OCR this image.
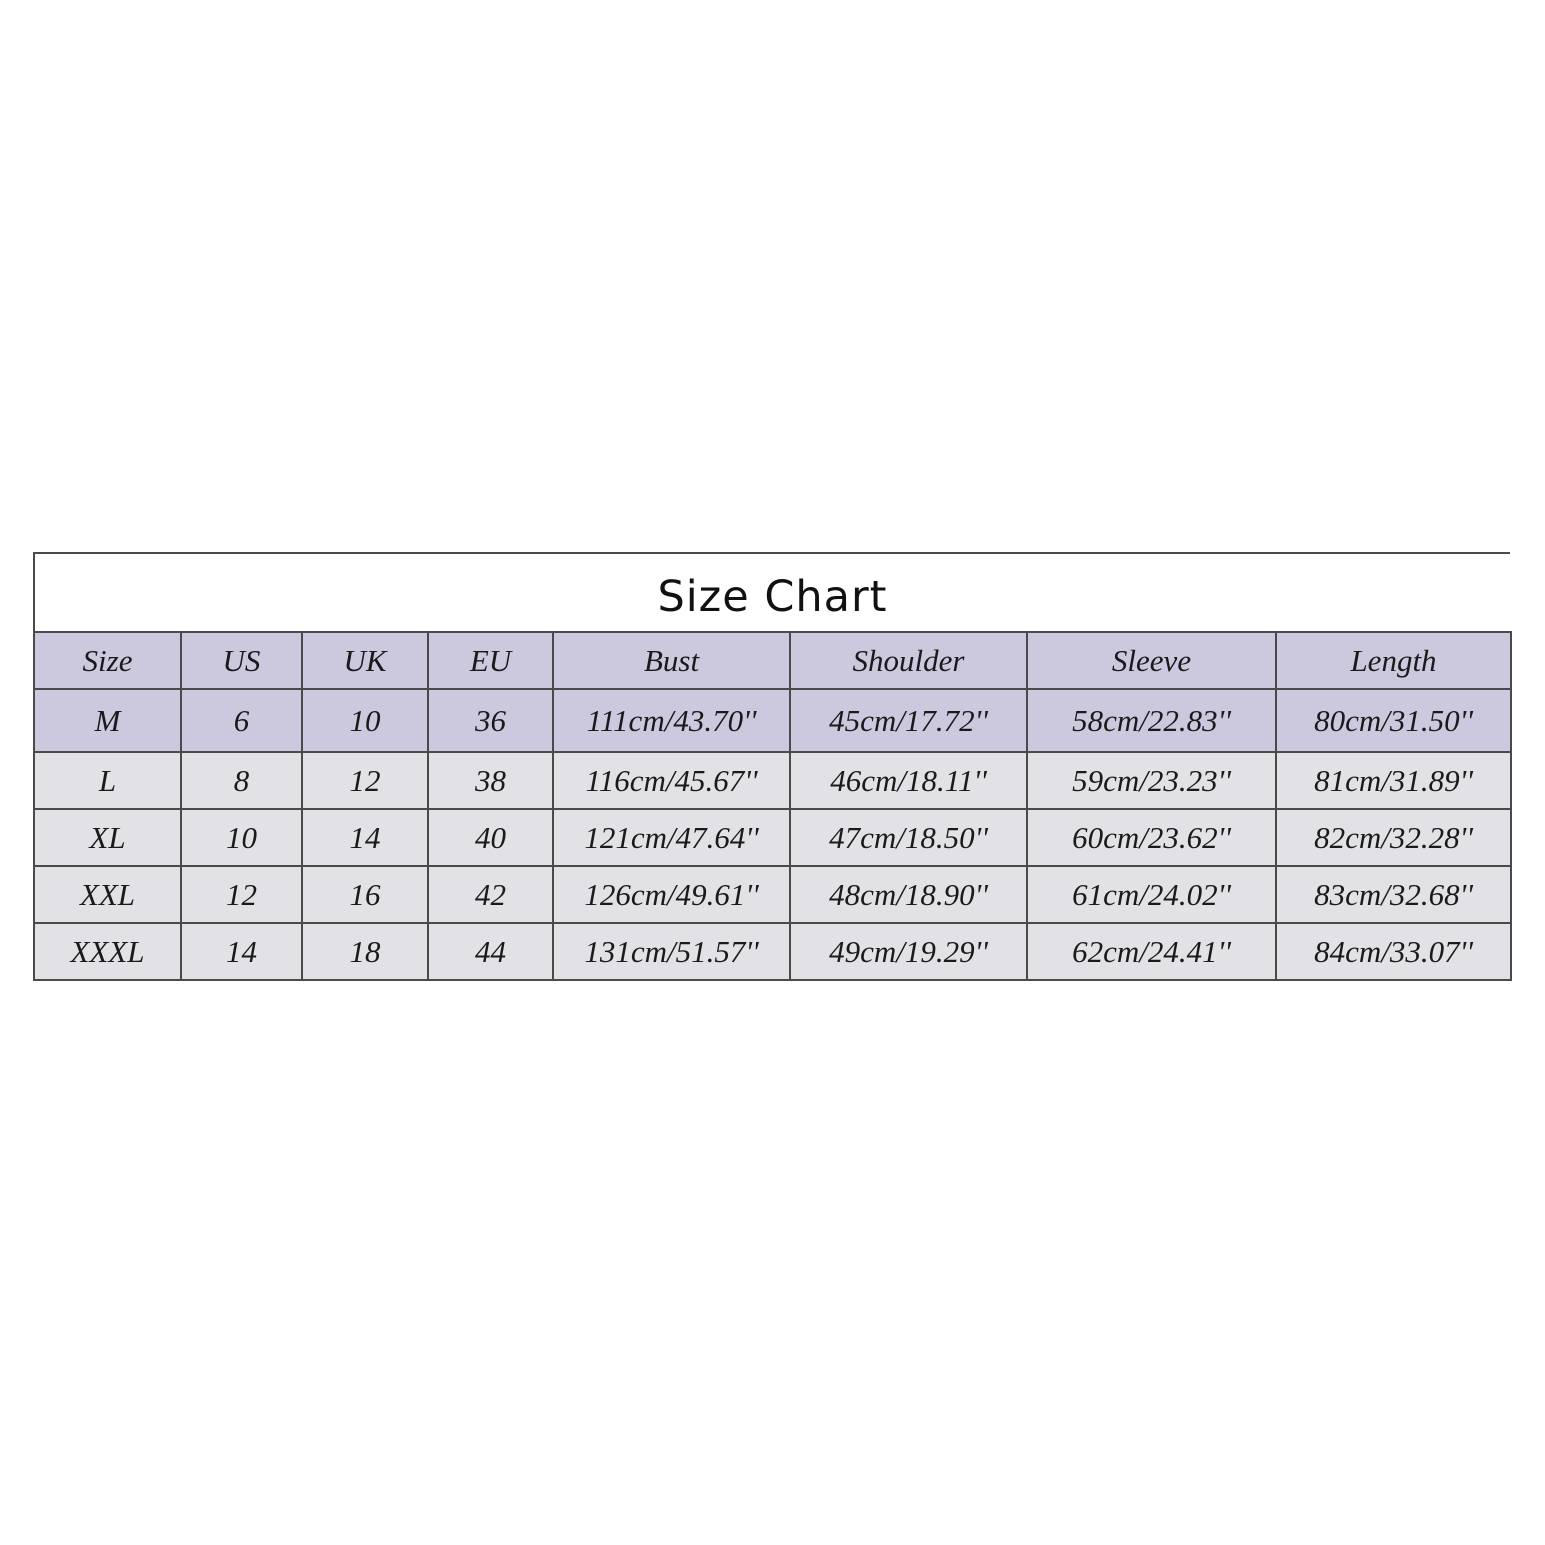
Size Chart
Size	US	UK	EU	Bust	Shoulder	Sleeve	Length
M	6	10	36	111cm/43.70''	45cm/17.72''	58cm/22.83''	80cm/31.50''
L	8	12	38	116cm/45.67''	46cm/18.11''	59cm/23.23''	81cm/31.89''
XL	10	14	40	121cm/47.64''	47cm/18.50''	60cm/23.62''	82cm/32.28''
XXL	12	16	42	126cm/49.61''	48cm/18.90''	61cm/24.02''	83cm/32.68''
XXXL	14	18	44	131cm/51.57''	49cm/19.29''	62cm/24.41''	84cm/33.07''
